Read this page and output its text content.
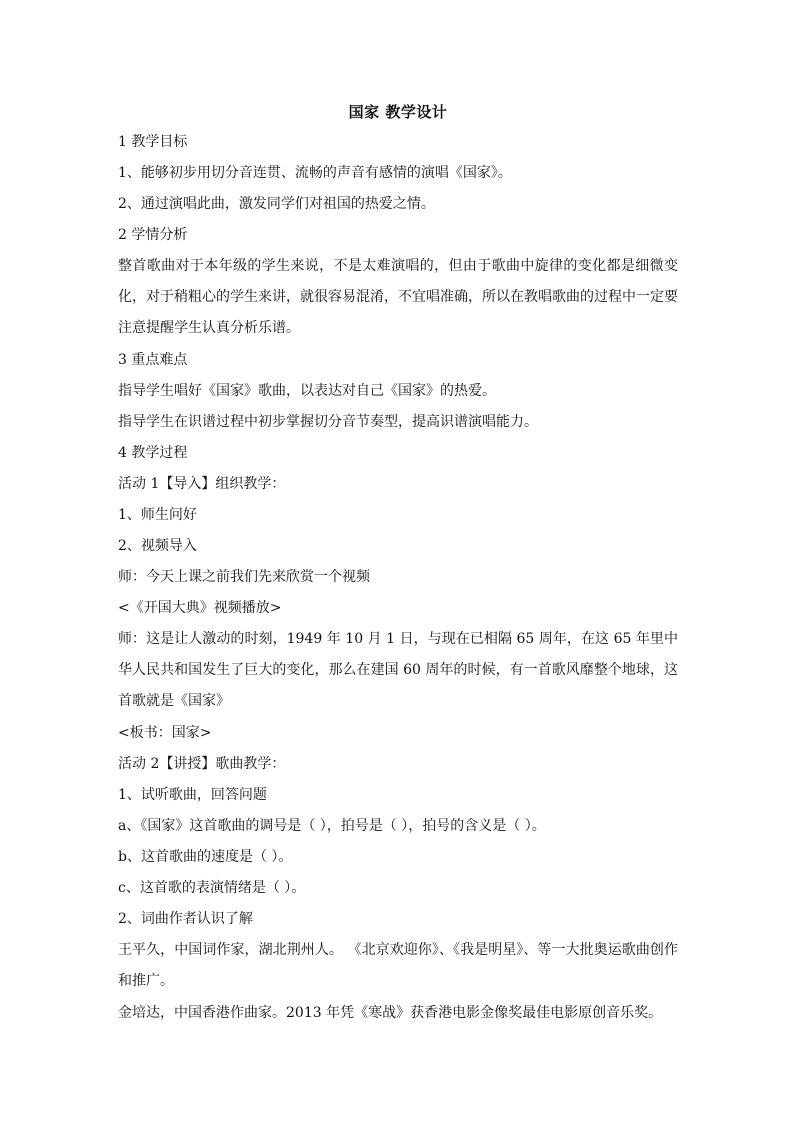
国家 教学设计
1 教学目标
1、能够初步用切分音连贯、流畅的声音有感情的演唱《国家》。
2、通过演唱此曲，激发同学们对祖国的热爱之情。
2 学情分析
整首歌曲对于本年级的学生来说，不是太难演唱的，但由于歌曲中旋律的变化都是细微变化，对于稍粗心的学生来讲，就很容易混淆，不宜唱准确，所以在教唱歌曲的过程中一定要注意提醒学生认真分析乐谱。
3 重点难点
指导学生唱好《国家》歌曲，以表达对自己《国家》的热爱。
指导学生在识谱过程中初步掌握切分音节奏型，提高识谱演唱能力。
4 教学过程
活动 1【导入】组织教学：
1、师生问好
2、视频导入
师：今天上课之前我们先来欣赏一个视频
<《开国大典》视频播放>
师：这是让人激动的时刻，1949 年 10 月 1 日，与现在已相隔 65 周年，在这 65 年里中华人民共和国发生了巨大的变化，那么在建国 60 周年的时候，有一首歌风靡整个地球，这首歌就是《国家》
<板书：国家>
活动 2【讲授】歌曲教学：
1、试听歌曲，回答问题
a、《国家》这首歌曲的调号是（ ），拍号是（ ），拍号的含义是（ ）。
b、这首歌曲的速度是（ ）。
c、这首歌的表演情绪是（ ）。
2、词曲作者认识了解
王平久，中国词作家，湖北荆州人。 《北京欢迎你》、《我是明星》、等一大批奥运歌曲创作和推广。
金培达，中国香港作曲家。2013 年凭《寒战》获香港电影金像奖最佳电影原创音乐奖。
